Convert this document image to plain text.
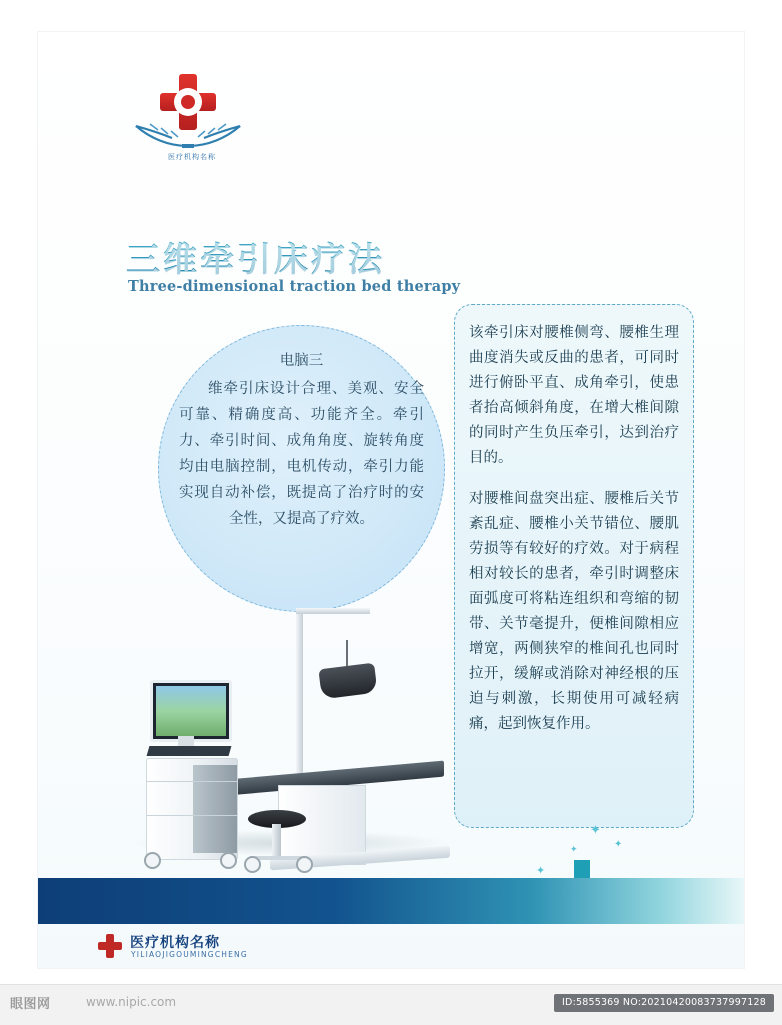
医疗机构名称
三维牵引床疗法
Three-dimensional traction bed therapy

电脑三

维牵引床设计合理、美观、安全可靠、精确度高、功能齐全。牵引力、牵引时间、成角角度、旋转角度均由电脑控制，电机传动，牵引力能实现自动补偿，既提高了治疗时的安全性，又提高了疗效。

该牵引床对腰椎侧弯、腰椎生理曲度消失或反曲的患者，可同时进行俯卧平直、成角牵引，使患者抬高倾斜角度，在增大椎间隙的同时产生负压牵引，达到治疗目的。

对腰椎间盘突出症、腰椎后关节紊乱症、腰椎小关节错位、腰肌劳损等有较好的疗效。对于病程相对较长的患者，牵引时调整床面弧度可将粘连组织和弯缩的韧带、关节毫提升，便椎间隙相应增宽，两侧狭窄的椎间孔也同时拉开，缓解或消除对神经根的压迫与刺激，长期使用可减轻病痛，起到恢复作用。

✦
✦
✦
✦
医疗机构名称
YILIAOJIGOUMINGCHENG
眼图网	www.nipic.com	ID:5855369 NO:20210420083737997128
